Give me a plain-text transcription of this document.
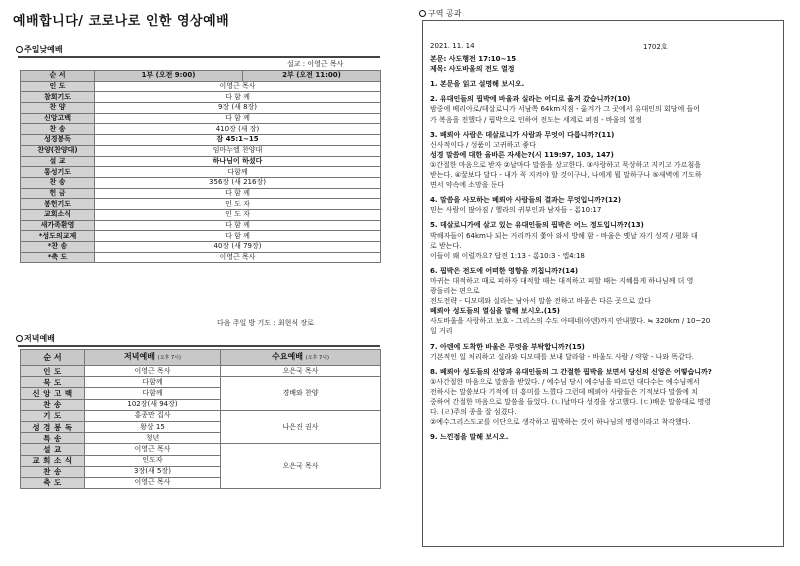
예배합니다/ 코로나로 인한 영상예배
주일낮예배
설교 : 이영근 목사
순 서	1부 (오전 9:00)	2부 (오전 11:00)
인 도	이영근 목사	
참회기도	다 함 께	
찬 양	9장 (새 8장)	
신앙고백	다 함 께	
찬 송	410장 (새 장)	
성경봉독	잠 45:1~15	
찬양(찬양대)	임마누엘 찬양대	
설 교	하나님이 하셨다	
통성기도	다함께	
찬 송	356장 (새 216장)	
헌 금	다 함 께	
봉헌기도	인 도 자	
교회소식	인 도 자	
새가족환영	다 함 께	
*성도의교제	다 함 께	
*찬 송	40장 (새 79장)	
*축 도	이영근 목사	
다음 주일 방 기도 : 최현식 장로
저녁예배
순 서	저녁예배 (오후 7시)	수요예배 (오후 7시)	
인 도	이영근 목사	오은국 목사	
묵 도	다함께	경배와 찬양	
신 앙 고 백	다함께		
찬 송	102장(새 94장)		
기 도	홍종만 집사	나은진 권사	
성 경 봉 독	왕상 15		
특 송	청년		
설 교	이영근 목사	오은국 목사	
교 회 소 식	인도자		
찬 송	3장(새 5장)		
축 도	이영근 목사	
구역 공과
2021. 11. 14	1702호
본문: 사도행전 17:10~15
제목: 사도바울의 전도 열정
1. 본문을 읽고 설명해 보시오.
2. 유대인들의 핍박에 바울과 실라는 어디로 옮겨 갔습니까?(10)
밤중에 베리아로/데살로니가 서남쪽 64km지점 - 옮겨가 그 곳에서 유대인의 회당에 들어
가 복음을 전했다 / 핍박으로 인하여 전도는 세계로 퍼짐 - 바울의 열정
3. 베뢰아 사람은 데살로니가 사람과 무엇이 다릅니까?(11)
신사적이다 / 성품이 고귀하고 좋다
성경 말씀에 대한 올바른 자세는?(시 119:97, 103, 147)
①간절한 마음으로 받자 ②날마다 말씀을 상고한다. ③사랑하고 묵상하고 지키고 가르침을
받는다. ④꿀보다 달다 - 내가 꼭 지켜야 할 것이구나, 나에게 뭘 말하구나 ⑤새벽에 기도하
면서 약속에 소망을 둔다
4. 말씀을 사모하는 베뢰아 사람들의 결과는 무엇입니까?(12)
믿는 사람이 많아짐 / 헬라의 귀부인과 남자들 - 롬10:17
5. 데살로니가에 살고 있는 유대인들의 핍박은 어느 정도입니까?(13)
박해자들이 64km나 되는 거리까지 쫓아 와서 방해 함 - 바울은 옛날 자기 성격 / 평화 대
로 받는다.
이들이 왜 이럴까요? 답전 1:13 - 롬10:3 - 엡4:18
6. 핍박은 전도에 어떠한 영향을 끼칩니까?(14)
마귀는 대적하고 때로 피하자 대적할 때는 대적하고 피할 때는 지혜롭게 하나님께 더 영
광돌리는 편으로
전도전략 - 디모데와 실라는 남아서 말씀 전하고 바울은 다른 곳으로 갔다
베뢰아 성도들의 열심을 말해 보시오.(15)
사도바울을 사랑하고 보호 - 그리스의 수도 아테네(아덴)까지 안내했다. ≒ 320km / 10~20
일 거리
7. 아덴에 도착한 바울은 무엇을 부탁합니까?(15)
기본적인 일 처리하고 실라와 디모데를 보내 달라함 - 바울도 사람 / 약함 - 나와 똑같다.
8. 베뢰아 성도들의 신앙과 유대인들의 그 간절한 핍박을 보면서 당신의 신앙은 어떻습니까?
①사간절한 마음으로 말씀을 받았다. / 예수님 당시 예수님을 따르던 대다수는 예수님께서
전하시는 말씀보다 기적에 더 흥미를 느꼈다 그런데 베뢰아 사람들은 기적보다 말씀에 치
중하여 간절한 마음으로 말씀을 들었다. (ㄴ)날마다 성경을 상고했다. (ㄷ)배운 말씀대로 명령
다. (ㄹ)주의 종을 잘 섬겼다.
②예수그리스도교를 이단으로 생각하고 핍박하는 것이 하나님의 명령이라고 착각했다.
9. 느낀점을 말해 보시오.
